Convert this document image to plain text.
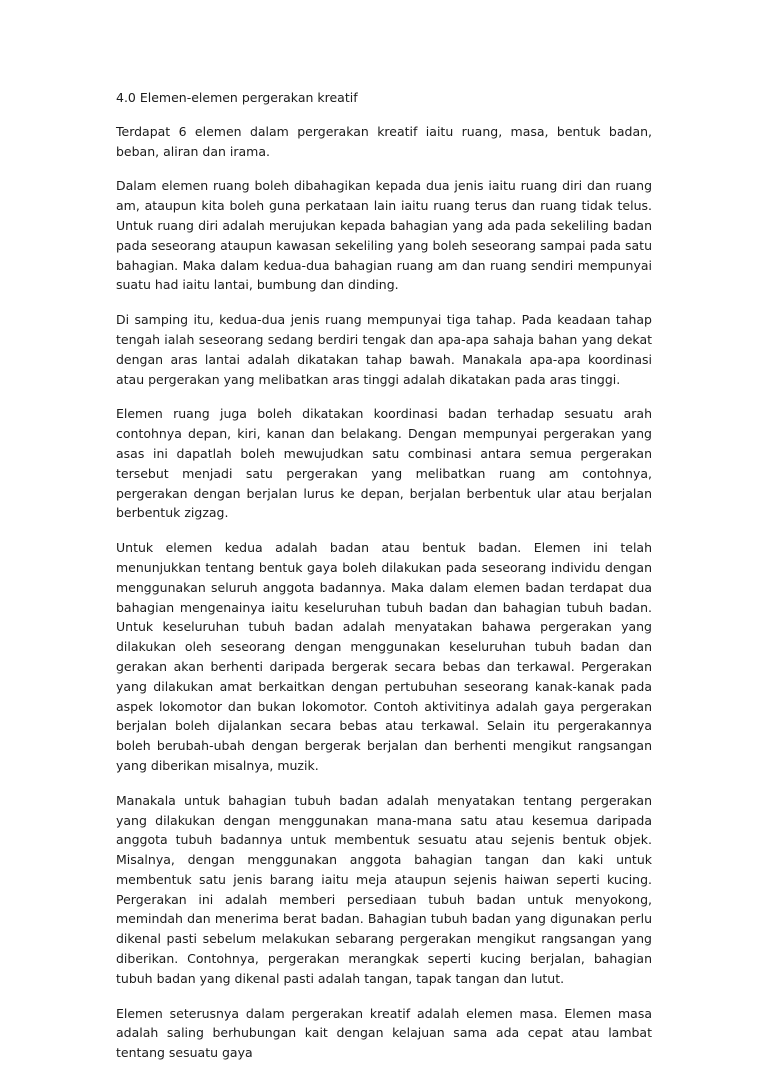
4.0 Elemen-elemen pergerakan kreatif

Terdapat 6 elemen dalam pergerakan kreatif iaitu ruang, masa, bentuk badan, beban, aliran dan irama.

Dalam elemen ruang boleh dibahagikan kepada dua jenis iaitu ruang diri dan ruang am, ataupun kita boleh guna perkataan lain iaitu ruang terus dan ruang tidak telus. Untuk ruang diri adalah merujukan kepada bahagian yang ada pada sekeliling badan pada seseorang ataupun kawasan sekeliling yang boleh seseorang sampai pada satu bahagian. Maka dalam kedua-dua bahagian ruang am dan ruang sendiri mempunyai suatu had iaitu lantai, bumbung dan dinding.

Di samping itu, kedua-dua jenis ruang mempunyai tiga tahap. Pada keadaan tahap tengah ialah seseorang sedang berdiri tengak dan apa-apa sahaja bahan yang dekat dengan aras lantai adalah dikatakan tahap bawah. Manakala apa-apa koordinasi atau pergerakan yang melibatkan aras tinggi adalah dikatakan pada aras tinggi.

Elemen ruang juga boleh dikatakan koordinasi badan terhadap sesuatu arah contohnya depan, kiri, kanan dan belakang. Dengan mempunyai pergerakan yang asas ini dapatlah boleh mewujudkan satu combinasi antara semua pergerakan tersebut menjadi satu pergerakan yang melibatkan ruang am contohnya, pergerakan dengan berjalan lurus ke depan, berjalan berbentuk ular atau berjalan berbentuk zigzag.

Untuk elemen kedua adalah badan atau bentuk badan. Elemen ini telah menunjukkan tentang bentuk gaya boleh dilakukan pada seseorang individu dengan menggunakan seluruh anggota badannya. Maka dalam elemen badan terdapat dua bahagian mengenainya iaitu keseluruhan tubuh badan dan bahagian tubuh badan. Untuk keseluruhan tubuh badan adalah menyatakan bahawa pergerakan yang dilakukan oleh seseorang dengan menggunakan keseluruhan tubuh badan dan gerakan akan berhenti daripada bergerak secara bebas dan terkawal. Pergerakan yang dilakukan amat berkaitkan dengan pertubuhan seseorang kanak-kanak pada aspek lokomotor dan bukan lokomotor. Contoh aktivitinya adalah gaya pergerakan berjalan boleh dijalankan secara bebas atau terkawal. Selain itu pergerakannya boleh berubah-ubah dengan bergerak berjalan dan berhenti mengikut rangsangan yang diberikan misalnya, muzik.

Manakala untuk bahagian tubuh badan adalah menyatakan tentang pergerakan yang dilakukan dengan menggunakan mana-mana satu atau kesemua daripada anggota tubuh badannya untuk membentuk sesuatu atau sejenis bentuk objek. Misalnya, dengan menggunakan anggota bahagian tangan dan kaki untuk membentuk satu jenis barang iaitu meja ataupun sejenis haiwan seperti kucing. Pergerakan ini adalah memberi persediaan tubuh badan untuk menyokong, memindah dan menerima berat badan. Bahagian tubuh badan yang digunakan perlu dikenal pasti sebelum melakukan sebarang pergerakan mengikut rangsangan yang diberikan. Contohnya, pergerakan merangkak seperti kucing berjalan, bahagian tubuh badan yang dikenal pasti adalah tangan, tapak tangan dan lutut.

Elemen seterusnya dalam pergerakan kreatif adalah elemen masa. Elemen masa adalah saling berhubungan kait dengan kelajuan sama ada cepat atau lambat tentang sesuatu gaya
